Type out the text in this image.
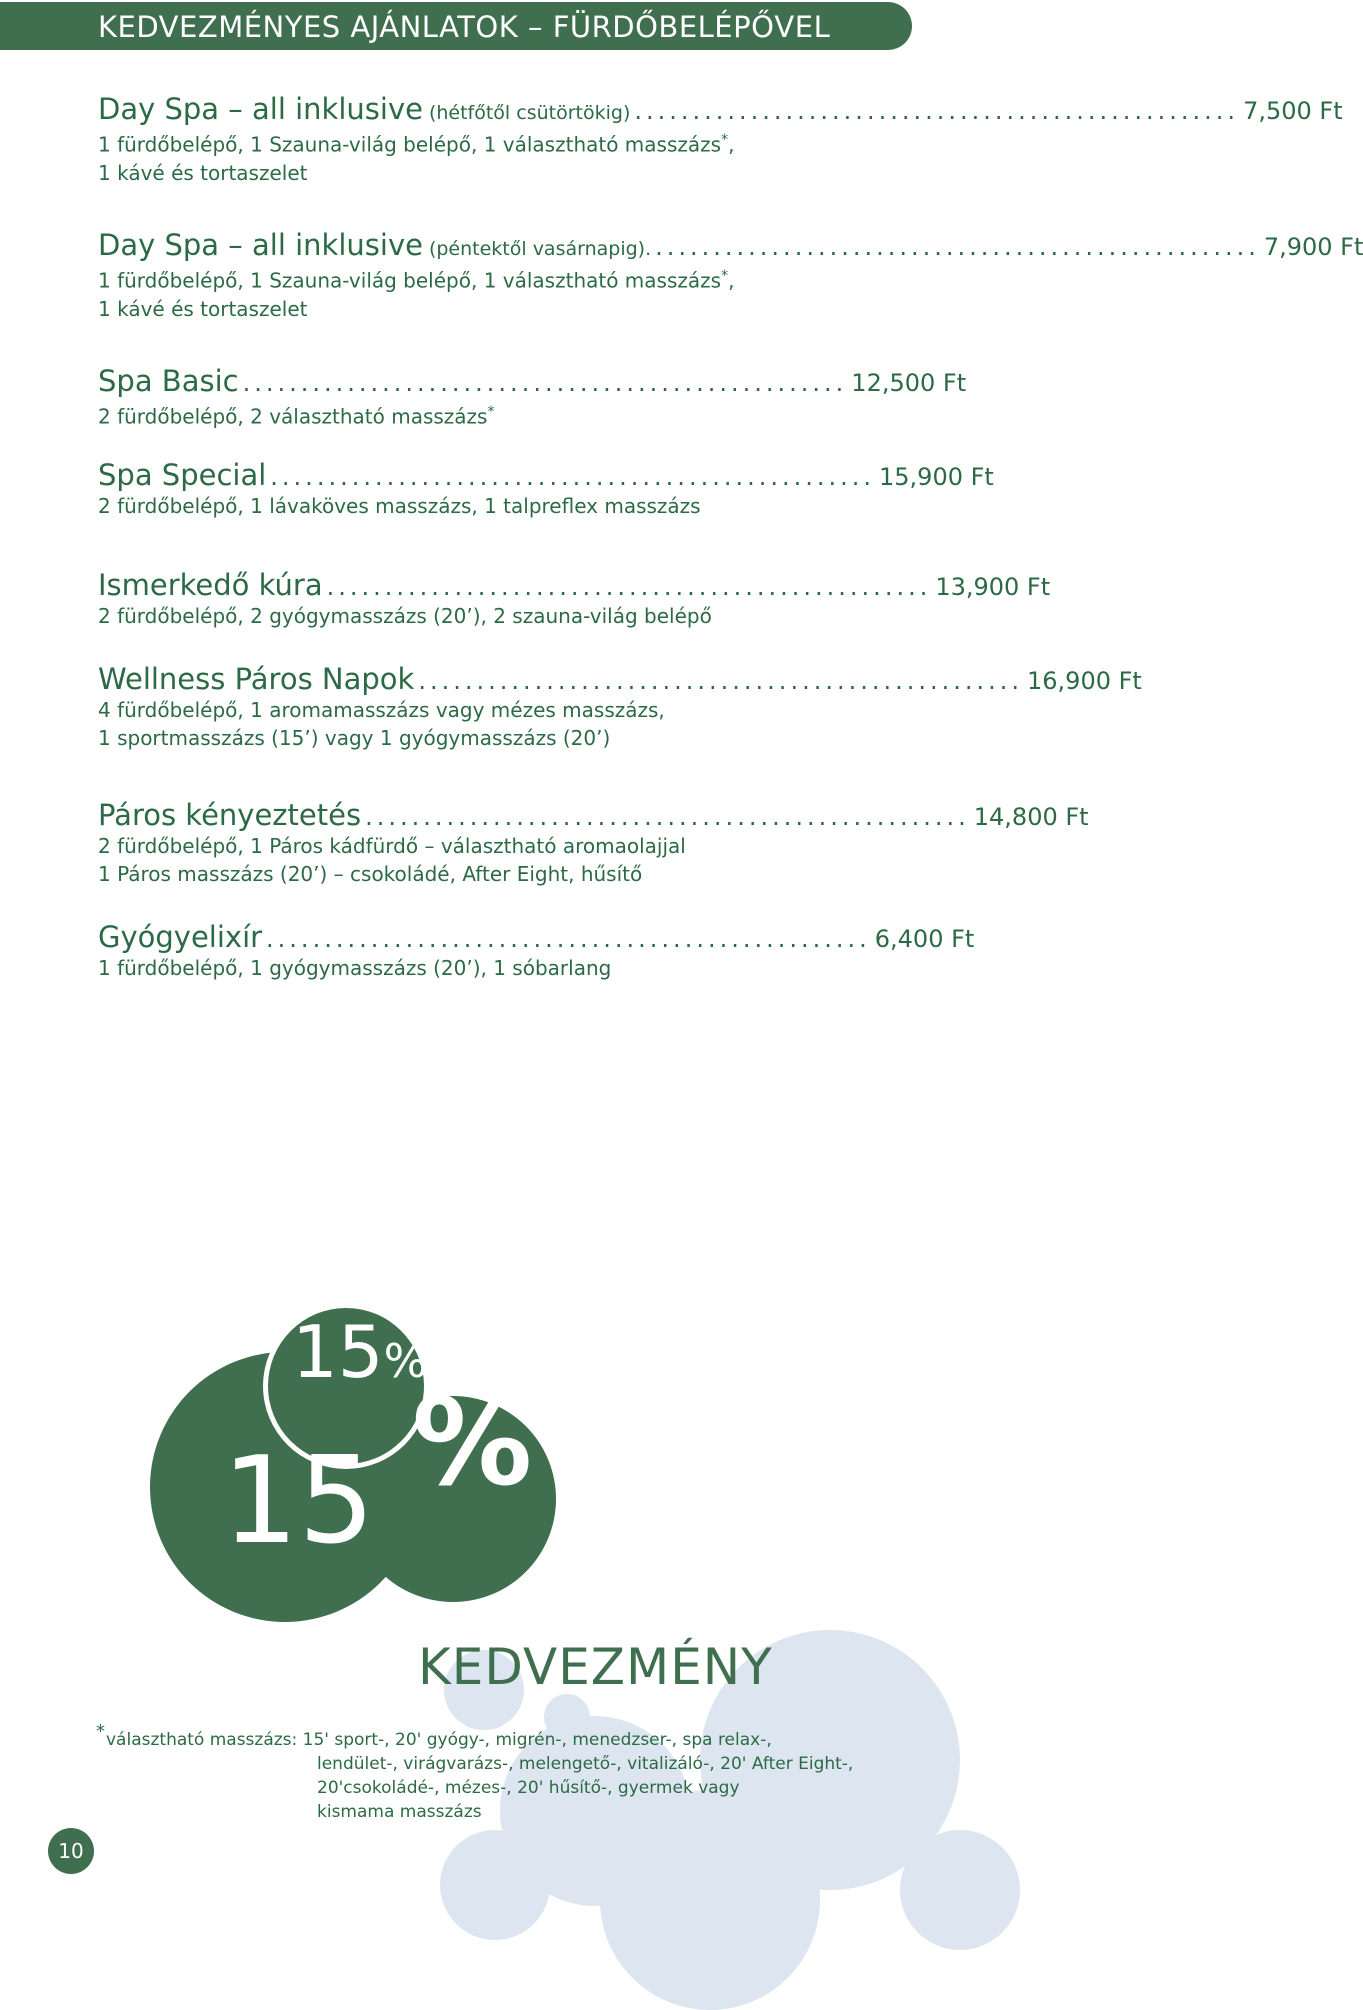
KEDVEZMÉNYES AJÁNLATOK – FÜRDŐBELÉPŐVEL
Day Spa – all inklusive (hétfőtől csütörtökig) .................................................... 7,500 Ft
1 fürdőbelépő, 1 Szauna-világ belépő, 1 választható masszázs*,
1 kávé és tortaszelet
Day Spa – all inklusive (péntektől vasárnapig). .................................................... 7,900 Ft
1 fürdőbelépő, 1 Szauna-világ belépő, 1 választható masszázs*,
1 kávé és tortaszelet
Spa Basic .................................................... 12,500 Ft
2 fürdőbelépő, 2 választható masszázs*
Spa Special .................................................... 15,900 Ft
2 fürdőbelépő, 1 lávaköves masszázs, 1 talpreflex masszázs
Ismerkedő kúra .................................................... 13,900 Ft
2 fürdőbelépő, 2 gyógymasszázs (20’), 2 szauna-világ belépő
Wellness Páros Napok .................................................... 16,900 Ft
4 fürdőbelépő, 1 aromamasszázs vagy mézes masszázs,
1 sportmasszázs (15’) vagy 1 gyógymasszázs (20’)
Páros kényeztetés .................................................... 14,800 Ft
2 fürdőbelépő, 1 Páros kádfürdő – választható aromaolajjal
1 Páros masszázs (20’) – csokoládé, After Eight, hűsítő
Gyógyelixír .................................................... 6,400 Ft
1 fürdőbelépő, 1 gyógymasszázs (20’), 1 sóbarlang
15%
15 %
KEDVEZMÉNY
* választható masszázs: 15' sport-, 20' gyógy-, migrén-, menedzser-, spa relax-,
lendület-, virágvarázs-, melengető-, vitalizáló-, 20' After Eight-,
20'csokoládé-, mézes-, 20' hűsítő-, gyermek vagy
kismama masszázs
10
